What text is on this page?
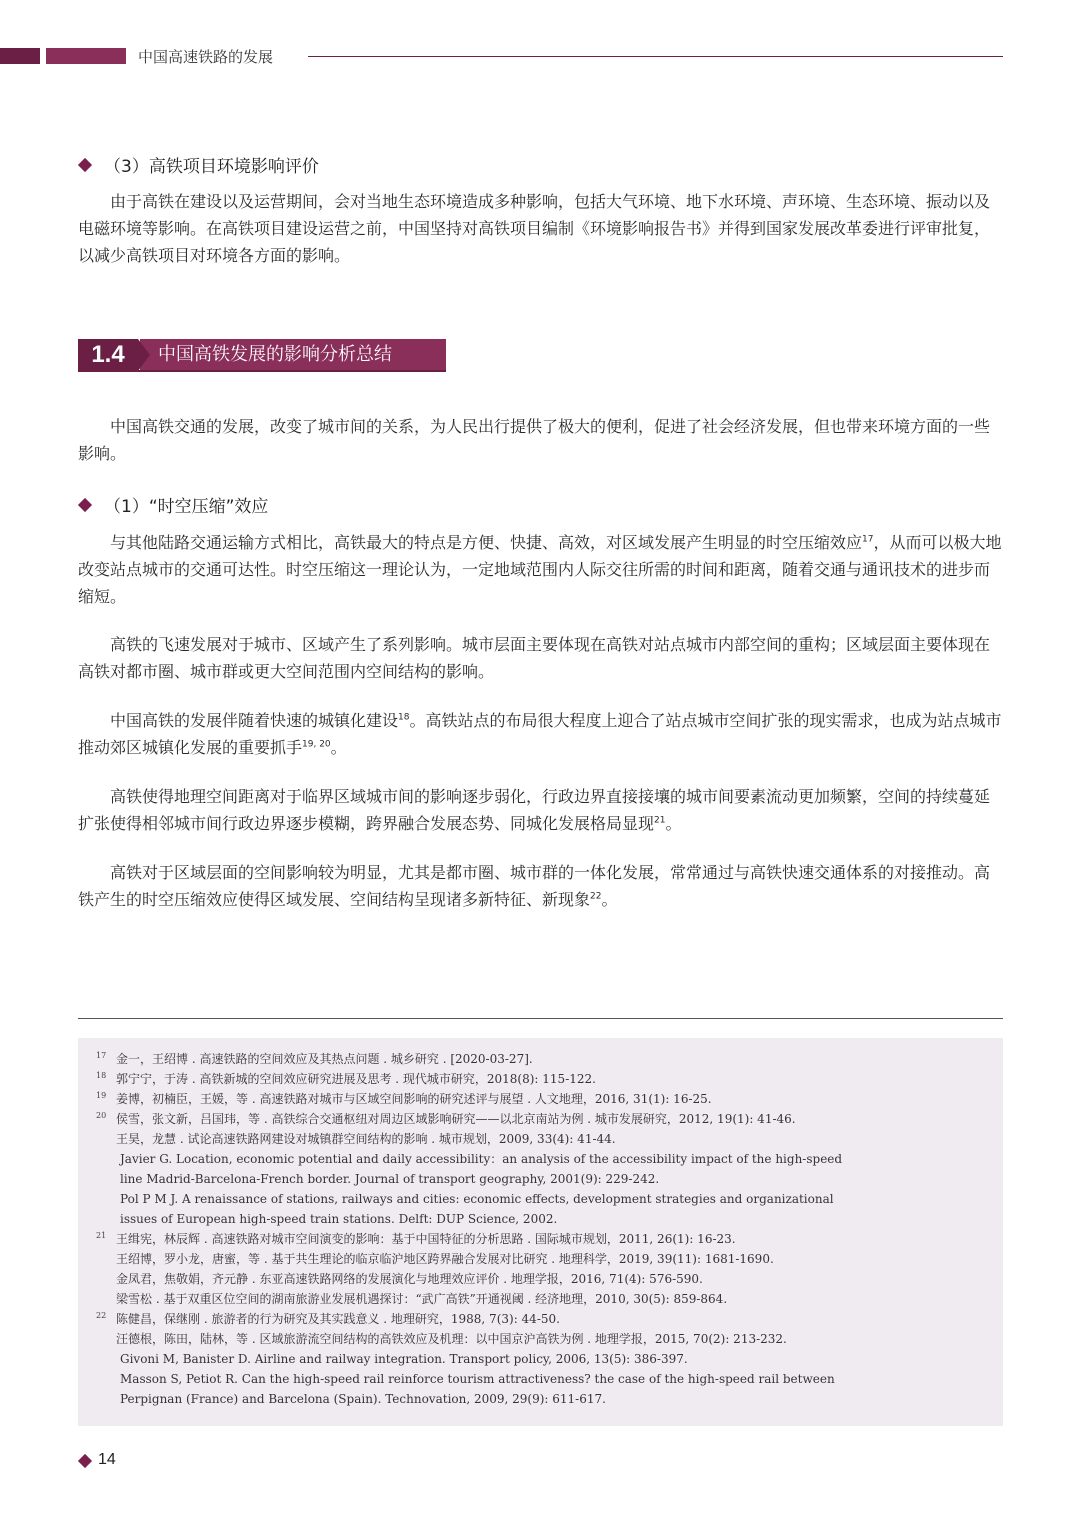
中国高速铁路的发展
（3）高铁项目环境影响评价

由于高铁在建设以及运营期间，会对当地生态环境造成多种影响，包括大气环境、地下水环境、声环境、生态环境、振动以及电磁环境等影响。在高铁项目建设运营之前，中国坚持对高铁项目编制《环境影响报告书》并得到国家发展改革委进行评审批复，以减少高铁项目对环境各方面的影响。

1.4	中国高铁发展的影响分析总结

中国高铁交通的发展，改变了城市间的关系，为人民出行提供了极大的便利，促进了社会经济发展，但也带来环境方面的一些影响。

（1）“时空压缩”效应

与其他陆路交通运输方式相比，高铁最大的特点是方便、快捷、高效，对区域发展产生明显的时空压缩效应$^{17}$，从而可以极大地改变站点城市的交通可达性。时空压缩这一理论认为，一定地域范围内人际交往所需的时间和距离，随着交通与通讯技术的进步而缩短。

高铁的飞速发展对于城市、区域产生了系列影响。城市层面主要体现在高铁对站点城市内部空间的重构；区域层面主要体现在高铁对都市圈、城市群或更大空间范围内空间结构的影响。

中国高铁的发展伴随着快速的城镇化建设$^{18}$。高铁站点的布局很大程度上迎合了站点城市空间扩张的现实需求，也成为站点城市推动郊区城镇化发展的重要抓手$^{19, 20}$。

高铁使得地理空间距离对于临界区域城市间的影响逐步弱化，行政边界直接接壤的城市间要素流动更加频繁，空间的持续蔓延扩张使得相邻城市间行政边界逐步模糊，跨界融合发展态势、同城化发展格局显现$^{21}$。

高铁对于区域层面的空间影响较为明显，尤其是都市圈、城市群的一体化发展，常常通过与高铁快速交通体系的对接推动。高铁产生的时空压缩效应使得区域发展、空间结构呈现诸多新特征、新现象$^{22}$。

17 金一，王绍博 . 高速铁路的空间效应及其热点问题 . 城乡研究 . [2020-03-27].
18 郭宁宁，于涛 . 高铁新城的空间效应研究进展及思考 . 现代城市研究，2018(8): 115-122.
19 姜博，初楠臣，王媛，等 . 高速铁路对城市与区域空间影响的研究述评与展望 . 人文地理，2016, 31(1): 16-25.
20 侯雪，张文新，吕国玮，等 . 高铁综合交通枢纽对周边区域影响研究——以北京南站为例 . 城市发展研究，2012, 19(1): 41-46.
王昊，龙慧 . 试论高速铁路网建设对城镇群空间结构的影响 . 城市规划，2009, 33(4): 41-44.
Javier G. Location, economic potential and daily accessibility：an analysis of the accessibility impact of the high-speed
line Madrid-Barcelona-French border. Journal of transport geography, 2001(9): 229-242.
Pol P M J. A renaissance of stations, railways and cities: economic effects, development strategies and organizational
issues of European high-speed train stations. Delft: DUP Science, 2002.
21 王缉宪，林辰辉 . 高速铁路对城市空间演变的影响：基于中国特征的分析思路 . 国际城市规划，2011, 26(1): 16-23.
王绍博，罗小龙，唐蜜，等 . 基于共生理论的临京临沪地区跨界融合发展对比研究 . 地理科学，2019, 39(11): 1681-1690.
金凤君，焦敬娟，齐元静 . 东亚高速铁路网络的发展演化与地理效应评价 . 地理学报，2016, 71(4): 576-590.
梁雪松 . 基于双重区位空间的湖南旅游业发展机遇探讨：“武广高铁”开通视阈 . 经济地理，2010, 30(5): 859-864.
22 陈健昌，保继刚 . 旅游者的行为研究及其实践意义 . 地理研究，1988, 7(3): 44-50.
汪德根，陈田，陆林，等 . 区域旅游流空间结构的高铁效应及机理：以中国京沪高铁为例 . 地理学报，2015, 70(2): 213-232.
Givoni M, Banister D. Airline and railway integration. Transport policy, 2006, 13(5): 386-397.
Masson S, Petiot R. Can the high-speed rail reinforce tourism attractiveness? the case of the high-speed rail between
Perpignan (France) and Barcelona (Spain). Technovation, 2009, 29(9): 611-617.
14
